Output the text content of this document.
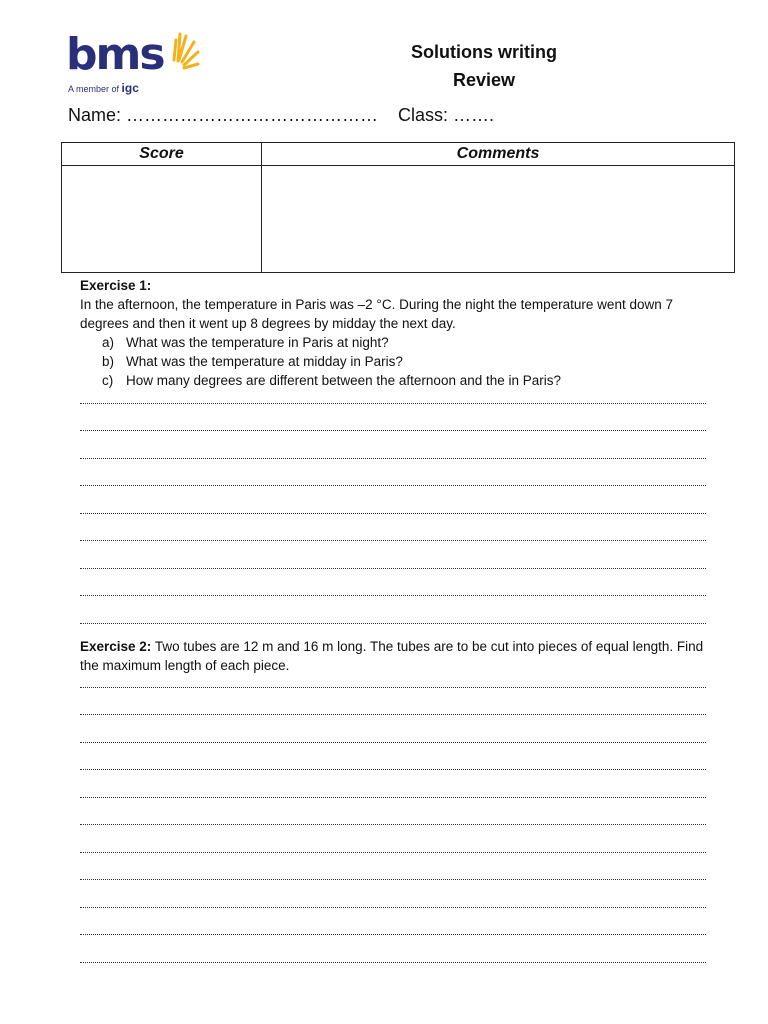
bms
A member of igc
Solutions writing
Review
Name: …………………………………… Class: …….
Score	Comments

Exercise 1:

In the afternoon, the temperature in Paris was –2 °C. During the night the temperature went down 7 degrees and then it went up 8 degrees by midday the next day.

a) What was the temperature in Paris at night?
b) What was the temperature at midday in Paris?
c) How many degrees are different between the afternoon and the in Paris?
Exercise 2: Two tubes are 12 m and 16 m long. The tubes are to be cut into pieces of equal length. Find the maximum length of each piece.
